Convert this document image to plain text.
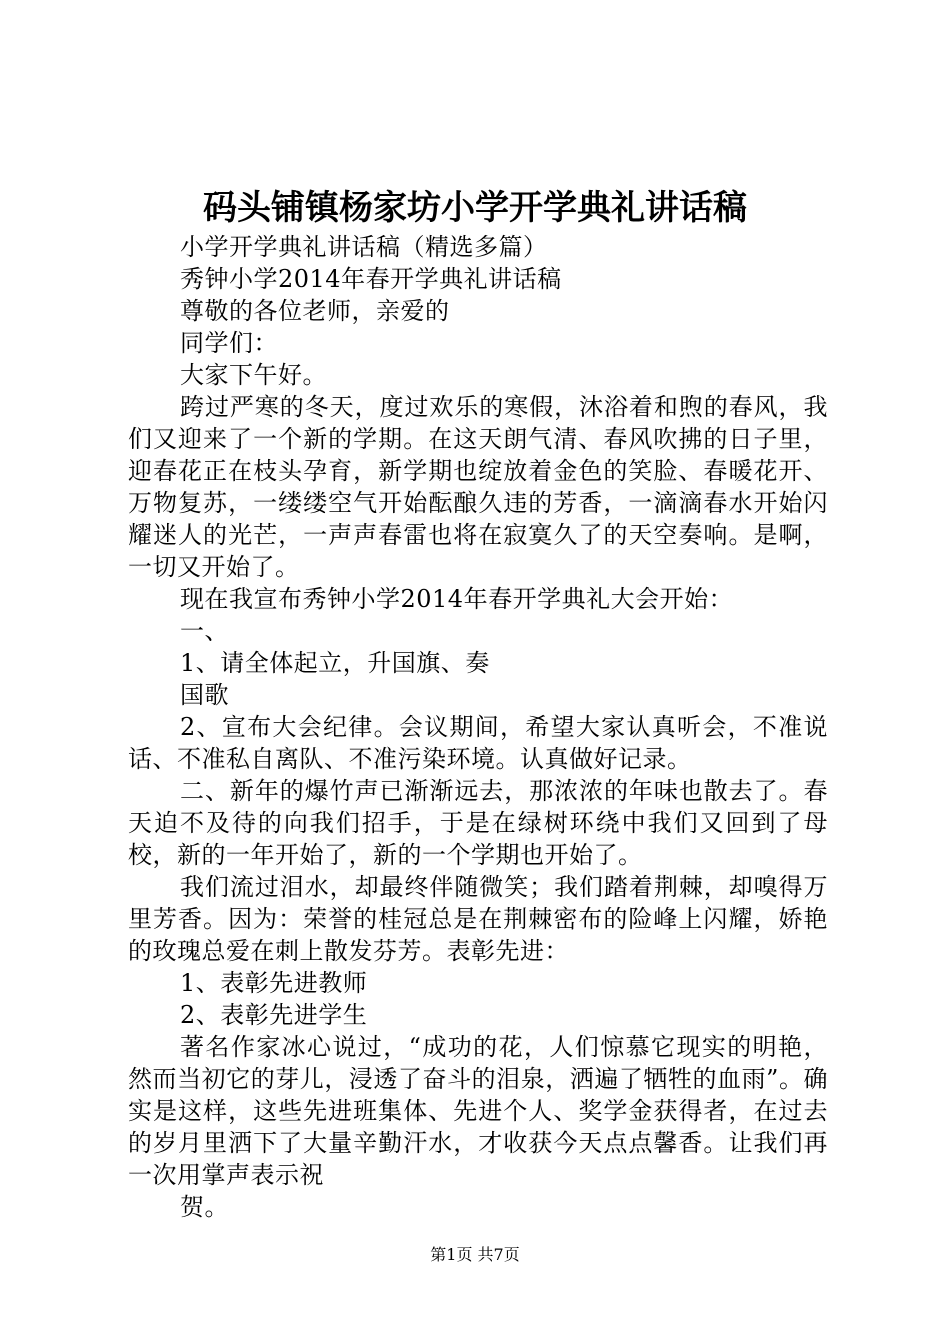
码头铺镇杨家坊小学开学典礼讲话稿

小学开学典礼讲话稿（精选多篇）

秀钟小学2014年春开学典礼讲话稿

尊敬的各位老师，亲爱的

同学们：

大家下午好。

跨过严寒的冬天，度过欢乐的寒假，沐浴着和煦的春风，我们又迎来了一个新的学期。在这天朗气清、春风吹拂的日子里，迎春花正在枝头孕育，新学期也绽放着金色的笑脸、春暖花开、万物复苏，一缕缕空气开始酝酿久违的芳香，一滴滴春水开始闪耀迷人的光芒，一声声春雷也将在寂寞久了的天空奏响。是啊，一切又开始了。

现在我宣布秀钟小学2014年春开学典礼大会开始：

一、

1、请全体起立，升国旗、奏

国歌

2、宣布大会纪律。会议期间，希望大家认真听会，不准说话、不准私自离队、不准污染环境。认真做好记录。

二、新年的爆竹声已渐渐远去，那浓浓的年味也散去了。春天迫不及待的向我们招手，于是在绿树环绕中我们又回到了母校，新的一年开始了，新的一个学期也开始了。

我们流过泪水，却最终伴随微笑；我们踏着荆棘，却嗅得万里芳香。因为：荣誉的桂冠总是在荆棘密布的险峰上闪耀，娇艳的玫瑰总爱在刺上散发芬芳。表彰先进：

1、表彰先进教师

2、表彰先进学生

著名作家冰心说过，“成功的花，人们惊慕它现实的明艳，然而当初它的芽儿，浸透了奋斗的泪泉，洒遍了牺牲的血雨”。确实是这样，这些先进班集体、先进个人、奖学金获得者，在过去的岁月里洒下了大量辛勤汗水，才收获今天点点馨香。让我们再一次用掌声表示祝

贺。

第1页 共7页
